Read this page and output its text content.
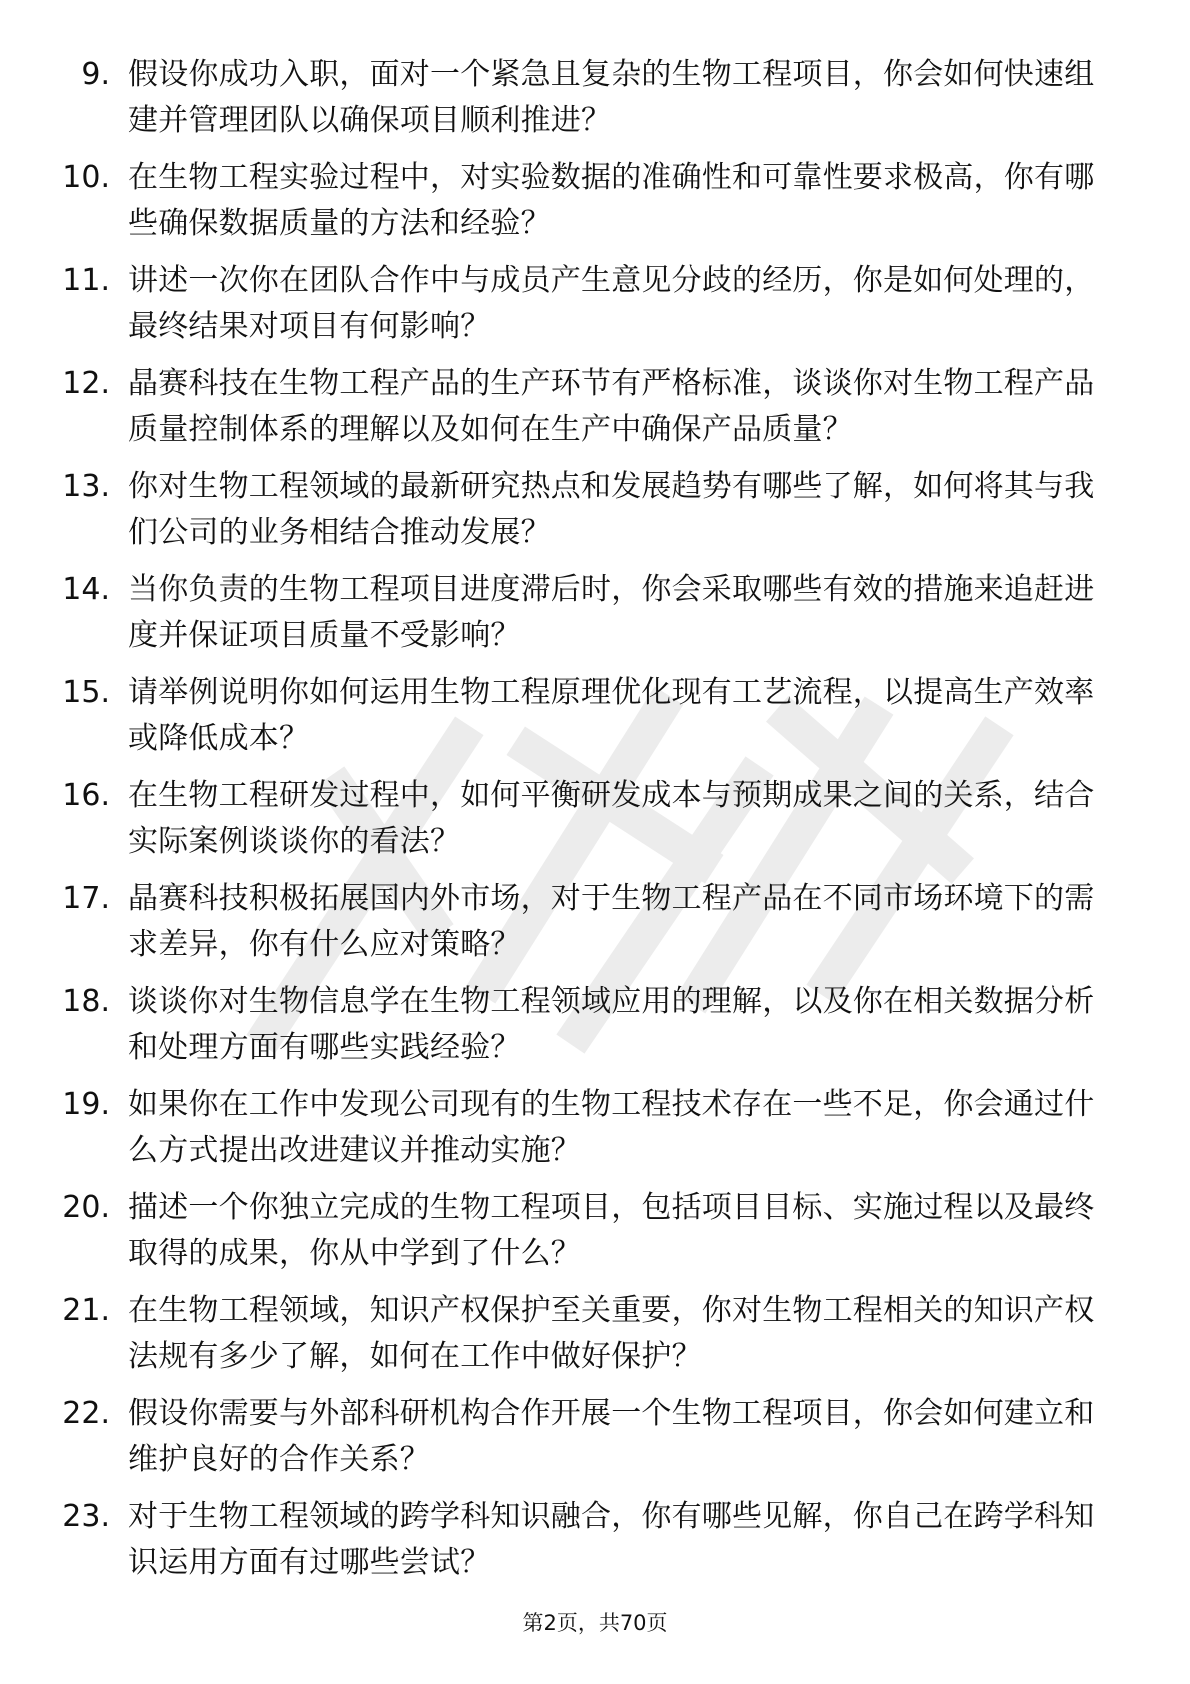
9. 假设你成功入职，面对一个紧急且复杂的生物工程项目，你会如何快速组建并管理团队以确保项目顺利推进？
10. 在生物工程实验过程中，对实验数据的准确性和可靠性要求极高，你有哪些确保数据质量的方法和经验？
11. 讲述一次你在团队合作中与成员产生意见分歧的经历，你是如何处理的，最终结果对项目有何影响？
12. 晶赛科技在生物工程产品的生产环节有严格标准，谈谈你对生物工程产品质量控制体系的理解以及如何在生产中确保产品质量？
13. 你对生物工程领域的最新研究热点和发展趋势有哪些了解，如何将其与我们公司的业务相结合推动发展？
14. 当你负责的生物工程项目进度滞后时，你会采取哪些有效的措施来追赶进度并保证项目质量不受影响？
15. 请举例说明你如何运用生物工程原理优化现有工艺流程，以提高生产效率或降低成本？
16. 在生物工程研发过程中，如何平衡研发成本与预期成果之间的关系，结合实际案例谈谈你的看法？
17. 晶赛科技积极拓展国内外市场，对于生物工程产品在不同市场环境下的需求差异，你有什么应对策略？
18. 谈谈你对生物信息学在生物工程领域应用的理解，以及你在相关数据分析和处理方面有哪些实践经验？
19. 如果你在工作中发现公司现有的生物工程技术存在一些不足，你会通过什么方式提出改进建议并推动实施？
20. 描述一个你独立完成的生物工程项目，包括项目目标、实施过程以及最终取得的成果，你从中学到了什么？
21. 在生物工程领域，知识产权保护至关重要，你对生物工程相关的知识产权法规有多少了解，如何在工作中做好保护？
22. 假设你需要与外部科研机构合作开展一个生物工程项目，你会如何建立和维护良好的合作关系？
23. 对于生物工程领域的跨学科知识融合，你有哪些见解，你自己在跨学科知识运用方面有过哪些尝试？
第2页，共70页
